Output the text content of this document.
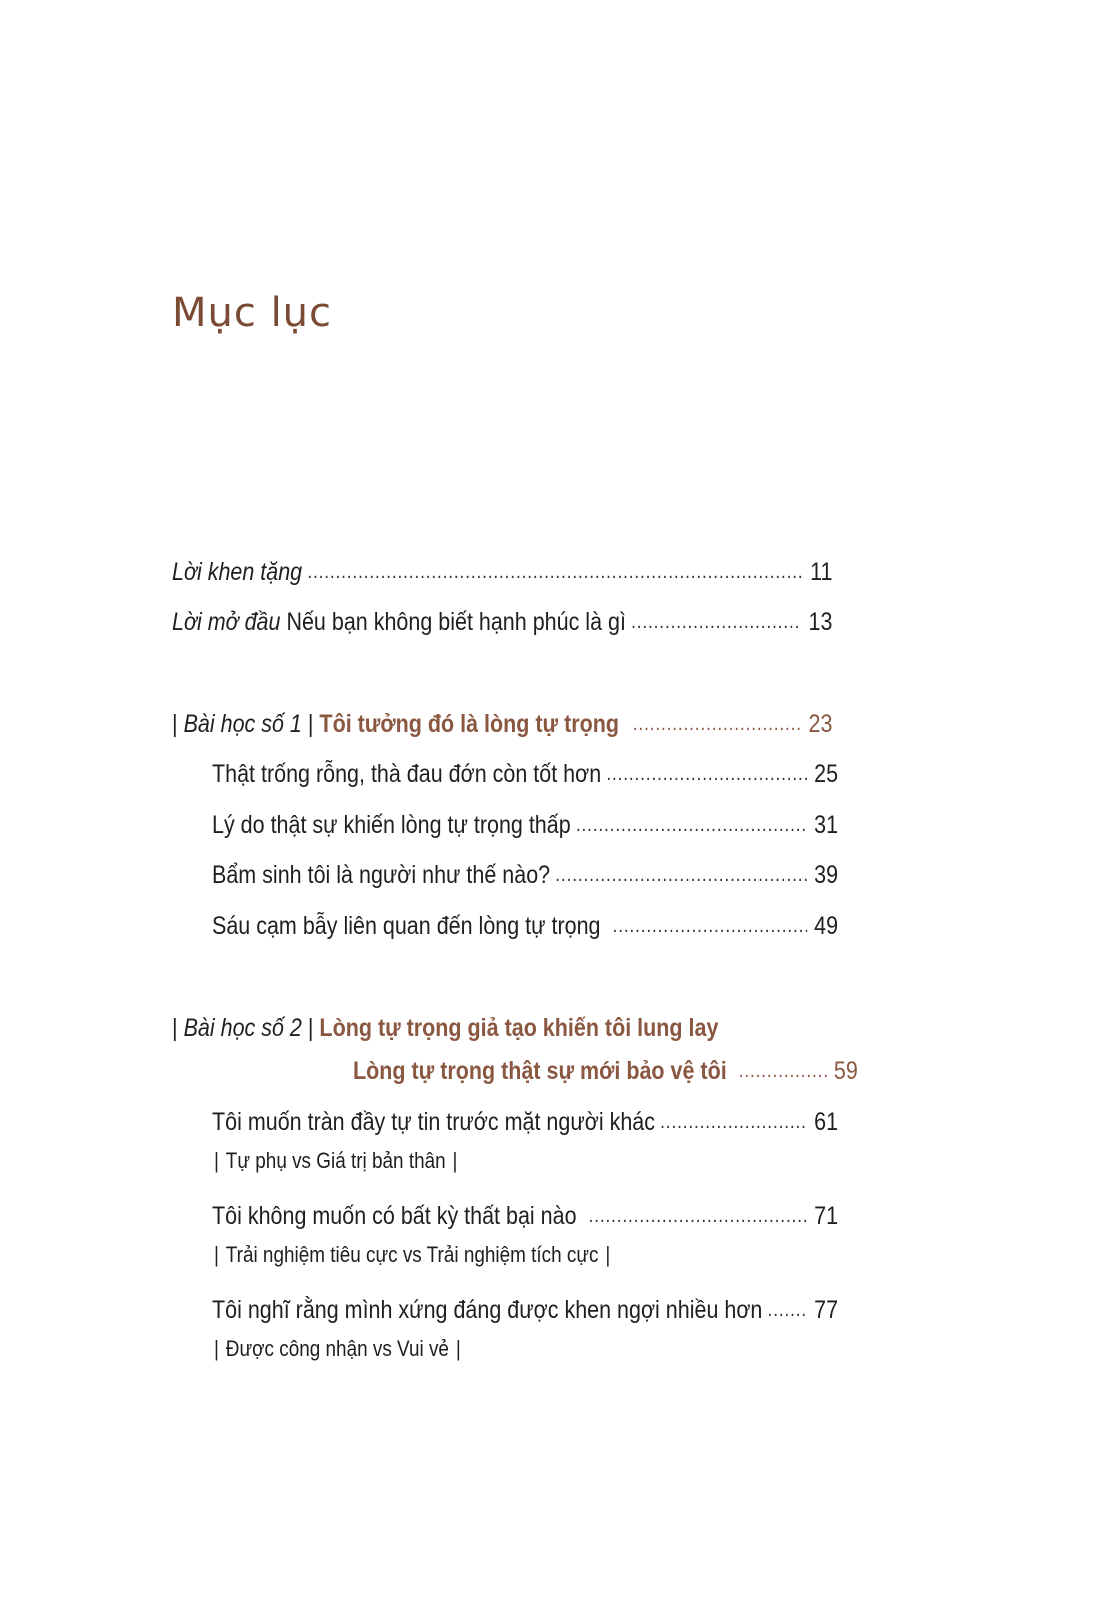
Mục lục
Lời khen tặng .....	11
Lời mở đầu Nếu bạn không biết hạnh phúc là gì .....	13
| Bài học số 1 | Tôi tưởng đó là lòng tự trọng .....	23
Thật trống rỗng, thà đau đớn còn tốt hơn .....	25
Lý do thật sự khiến lòng tự trọng thấp .....	31
Bẩm sinh tôi là người như thế nào? .....	39
Sáu cạm bẫy liên quan đến lòng tự trọng .....	49
| Bài học số 2 | Lòng tự trọng giả tạo khiến tôi lung lay
Lòng tự trọng thật sự mới bảo vệ tôi .....	59
Tôi muốn tràn đầy tự tin trước mặt người khác .....	61
| Tự phụ vs Giá trị bản thân |
Tôi không muốn có bất kỳ thất bại nào .....	71
| Trải nghiệm tiêu cực vs Trải nghiệm tích cực |
Tôi nghĩ rằng mình xứng đáng được khen ngợi nhiều hơn ..... 77
| Được công nhận vs Vui vẻ |
